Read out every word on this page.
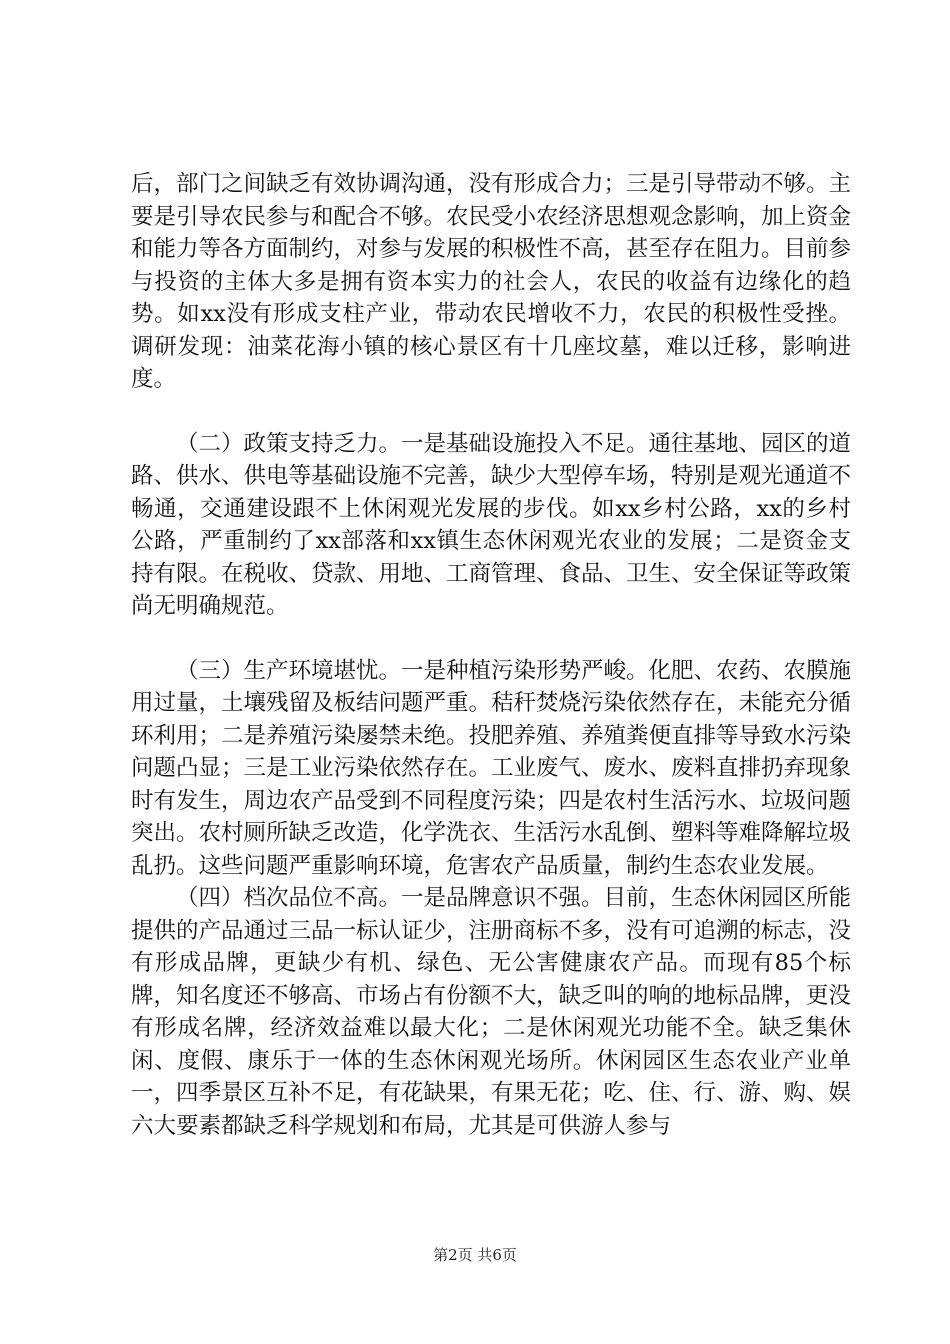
后，部门之间缺乏有效协调沟通，没有形成合力；三是引导带动不够。主要是引导农民参与和配合不够。农民受小农经济思想观念影响，加上资金和能力等各方面制约，对参与发展的积极性不高，甚至存在阻力。目前参与投资的主体大多是拥有资本实力的社会人，农民的收益有边缘化的趋势。如xx没有形成支柱产业，带动农民增收不力，农民的积极性受挫。调研发现：油菜花海小镇的核心景区有十几座坟墓，难以迁移，影响进度。

（二）政策支持乏力。一是基础设施投入不足。通往基地、园区的道路、供水、供电等基础设施不完善，缺少大型停车场，特别是观光通道不畅通，交通建设跟不上休闲观光发展的步伐。如xx乡村公路，xx的乡村公路，严重制约了xx部落和xx镇生态休闲观光农业的发展；二是资金支持有限。在税收、贷款、用地、工商管理、食品、卫生、安全保证等政策尚无明确规范。

（三）生产环境堪忧。一是种植污染形势严峻。化肥、农药、农膜施用过量，土壤残留及板结问题严重。秸秆焚烧污染依然存在，未能充分循环利用；二是养殖污染屡禁未绝。投肥养殖、养殖粪便直排等导致水污染问题凸显；三是工业污染依然存在。工业废气、废水、废料直排扔弃现象时有发生，周边农产品受到不同程度污染；四是农村生活污水、垃圾问题突出。农村厕所缺乏改造，化学洗衣、生活污水乱倒、塑料等难降解垃圾乱扔。这些问题严重影响环境，危害农产品质量，制约生态农业发展。

（四）档次品位不高。一是品牌意识不强。目前，生态休闲园区所能提供的产品通过三品一标认证少，注册商标不多，没有可追溯的标志，没有形成品牌，更缺少有机、绿色、无公害健康农产品。而现有85个标牌，知名度还不够高、市场占有份额不大，缺乏叫的响的地标品牌，更没有形成名牌，经济效益难以最大化；二是休闲观光功能不全。缺乏集休闲、度假、康乐于一体的生态休闲观光场所。休闲园区生态农业产业单一，四季景区互补不足，有花缺果，有果无花；吃、住、行、游、购、娱六大要素都缺乏科学规划和布局，尤其是可供游人参与

第2页 共6页
